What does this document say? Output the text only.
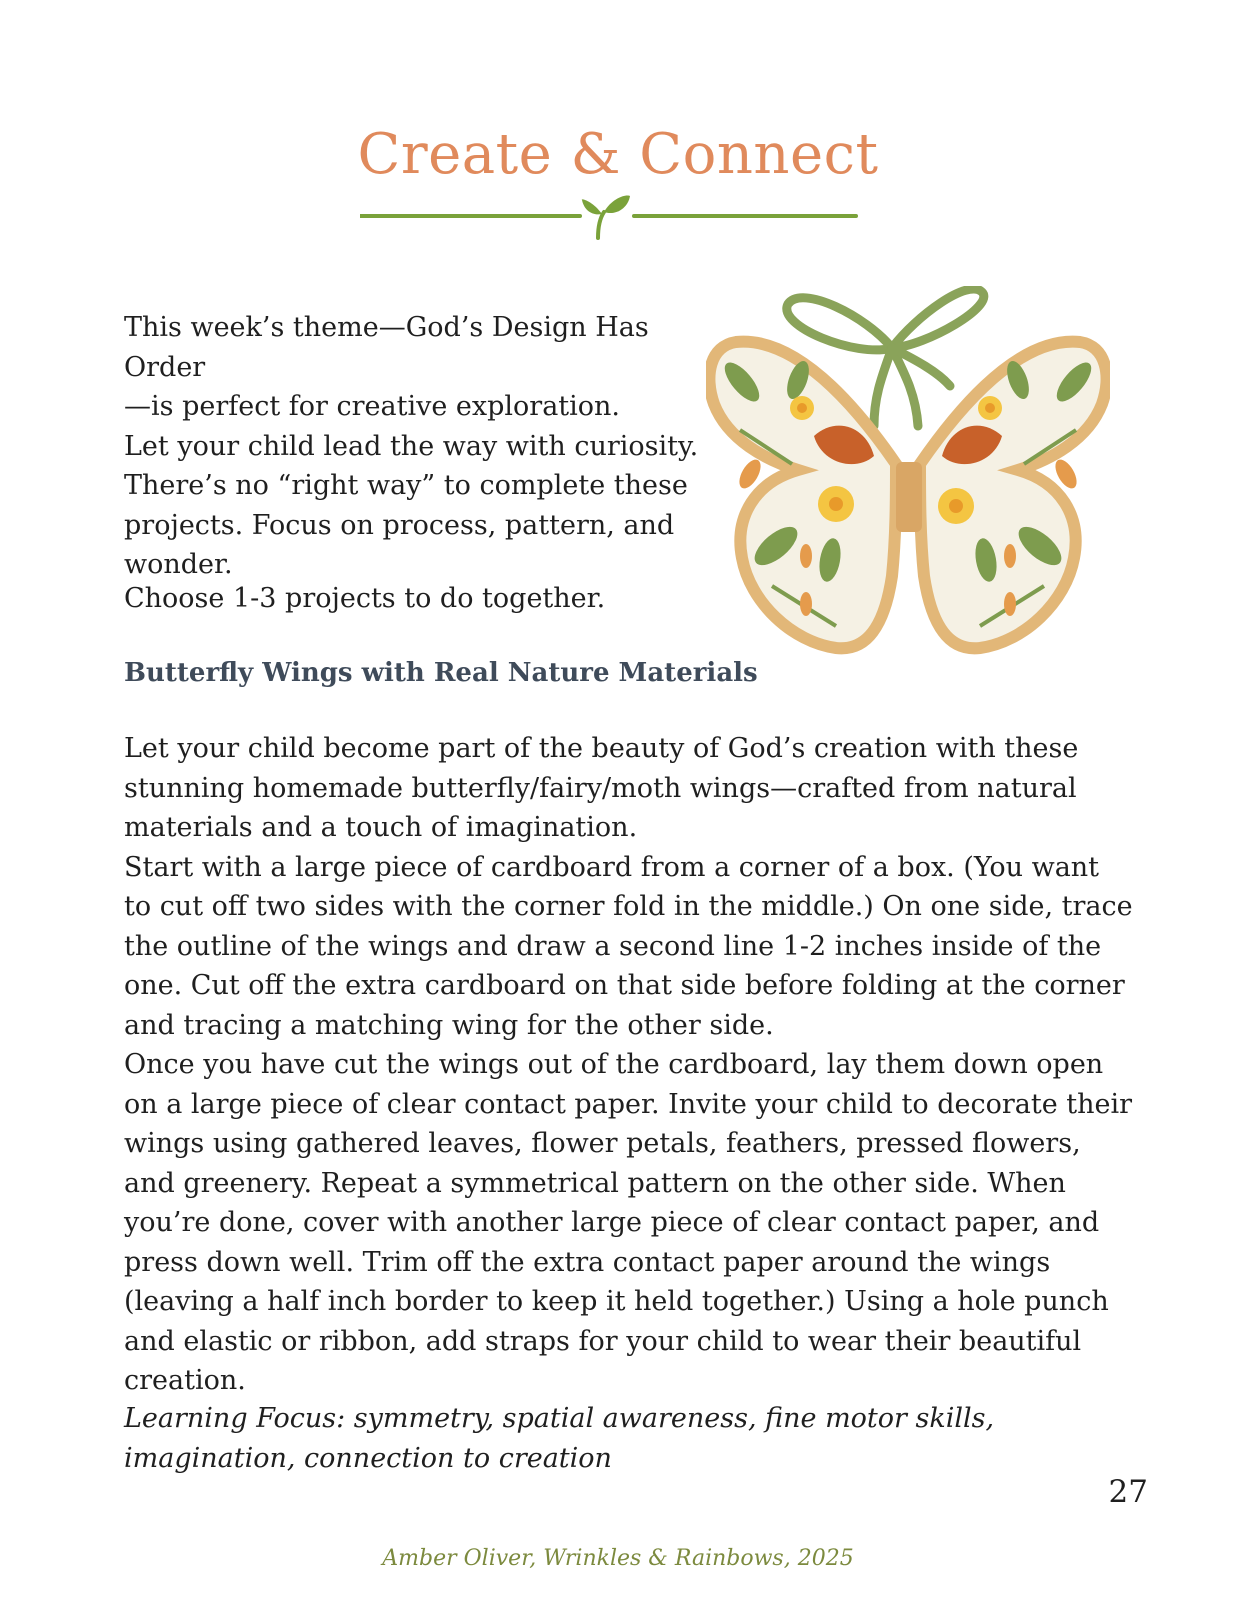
Create & Connect

This week’s theme—God’s Design Has Order

—is perfect for creative exploration.

Let your child lead the way with curiosity.

There’s no “right way” to complete these

projects. Focus on process, pattern, and

wonder.

Choose 1-3 projects to do together.

Butterfly Wings with Real Nature Materials

Let your child become part of the beauty of God’s creation with these stunning homemade butterfly/fairy/moth wings—crafted from natural materials and a touch of imagination.

Start with a large piece of cardboard from a corner of a box. (You want to cut off two sides with the corner fold in the middle.) On one side, trace the outline of the wings and draw a second line 1-2 inches inside of the one. Cut off the extra cardboard on that side before folding at the corner and tracing a matching wing for the other side.

Once you have cut the wings out of the cardboard, lay them down open on a large piece of clear contact paper. Invite your child to decorate their wings using gathered leaves, flower petals, feathers, pressed flowers, and greenery. Repeat a symmetrical pattern on the other side. When you’re done, cover with another large piece of clear contact paper, and press down well. Trim off the extra contact paper around the wings (leaving a half inch border to keep it held together.) Using a hole punch and elastic or ribbon, add straps for your child to wear their beautiful creation.

Learning Focus: symmetry, spatial awareness, fine motor skills, imagination, connection to creation

27
Amber Oliver, Wrinkles & Rainbows, 2025
